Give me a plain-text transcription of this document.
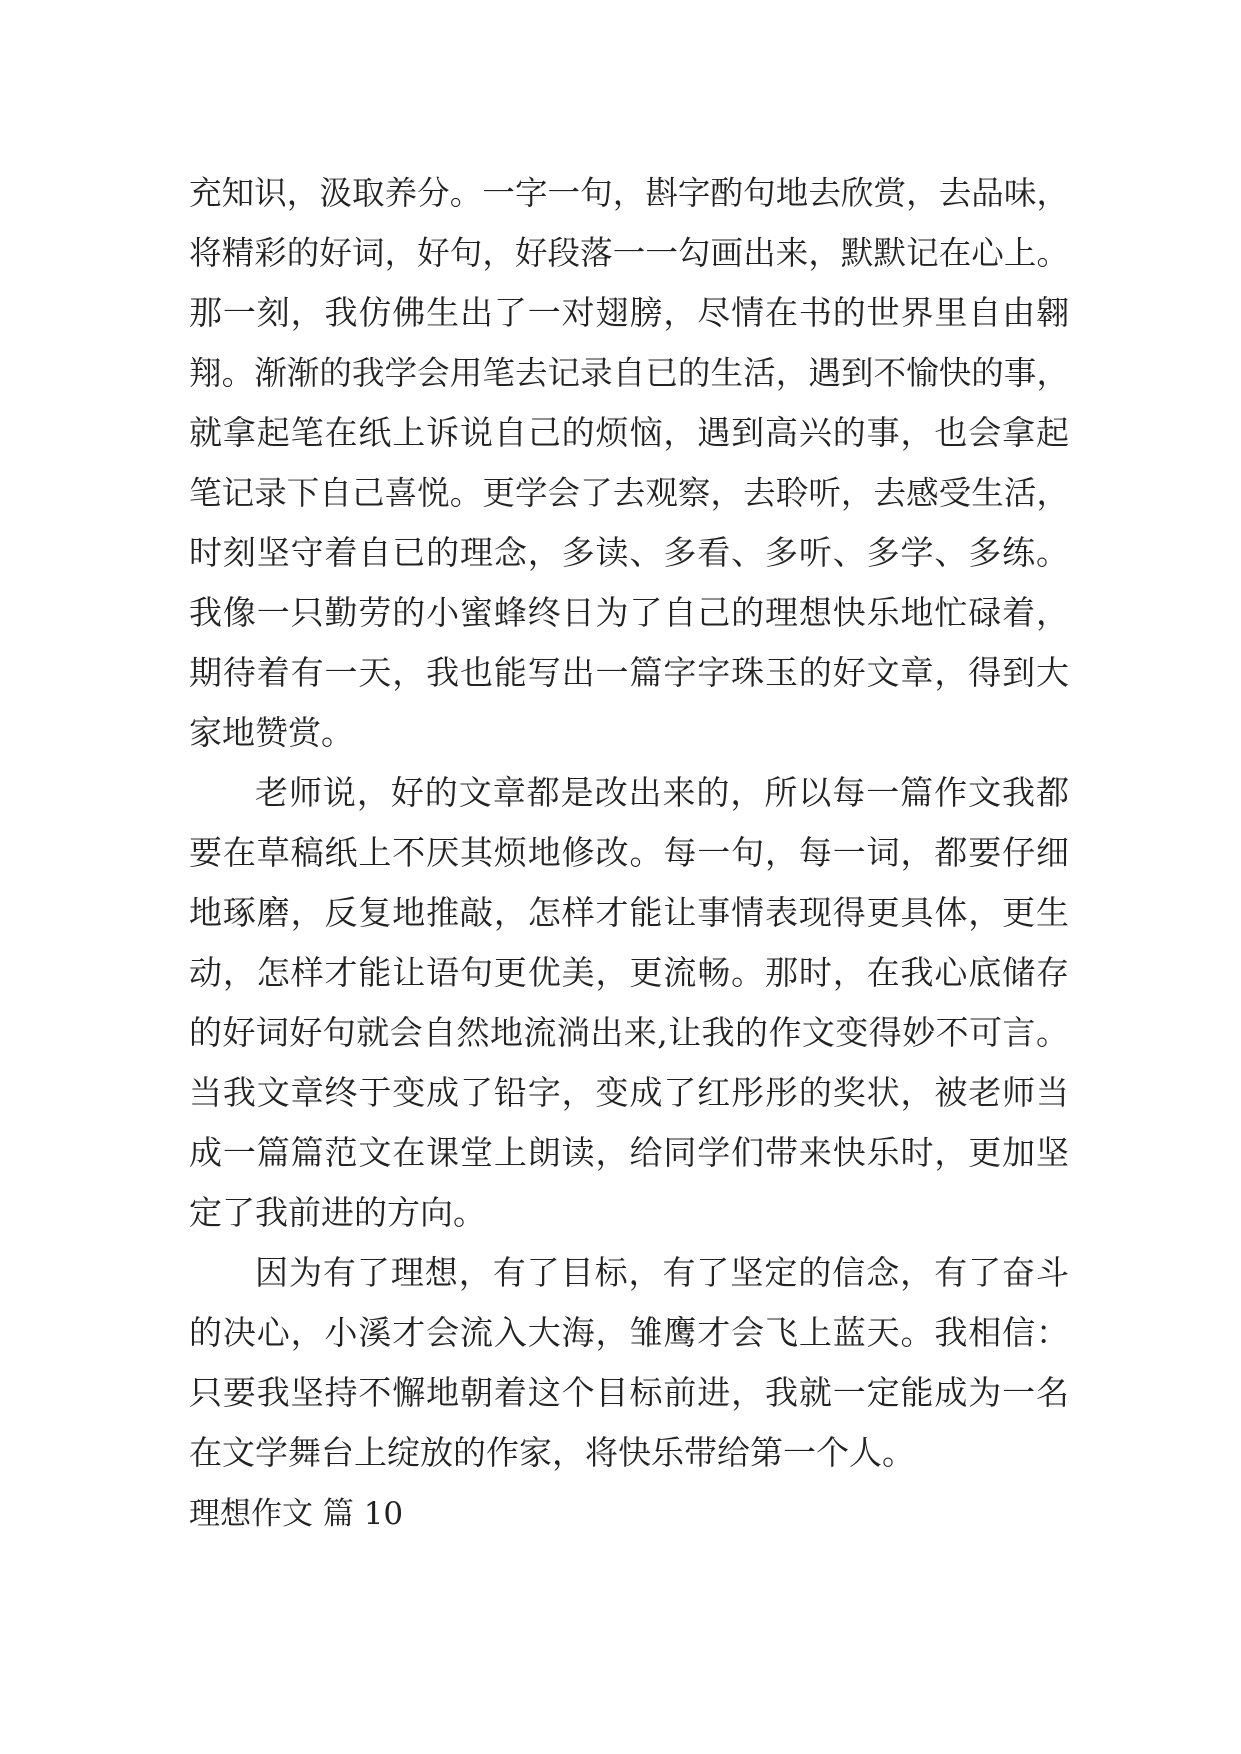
充知识，汲取养分。一字一句，斟字酌句地去欣赏，去品味，
将精彩的好词，好句，好段落一一勾画出来，默默记在心上。
那一刻，我仿佛生出了一对翅膀，尽情在书的世界里自由翱
翔。渐渐的我学会用笔去记录自已的生活，遇到不愉快的事，
就拿起笔在纸上诉说自己的烦恼，遇到高兴的事，也会拿起
笔记录下自己喜悦。更学会了去观察，去聆听，去感受生活，
时刻坚守着自已的理念，多读、多看、多听、多学、多练。
我像一只勤劳的小蜜蜂终日为了自己的理想快乐地忙碌着，
期待着有一天，我也能写出一篇字字珠玉的好文章，得到大
家地赞赏。
老师说，好的文章都是改出来的，所以每一篇作文我都
要在草稿纸上不厌其烦地修改。每一句，每一词，都要仔细
地琢磨，反复地推敲，怎样才能让事情表现得更具体，更生
动，怎样才能让语句更优美，更流畅。那时，在我心底储存
的好词好句就会自然地流淌出来,让我的作文变得妙不可言。
当我文章终于变成了铅字，变成了红彤彤的奖状，被老师当
成一篇篇范文在课堂上朗读，给同学们带来快乐时，更加坚
定了我前进的方向。
因为有了理想，有了目标，有了坚定的信念，有了奋斗
的决心，小溪才会流入大海，雏鹰才会飞上蓝天。我相信：
只要我坚持不懈地朝着这个目标前进，我就一定能成为一名
在文学舞台上绽放的作家，将快乐带给第一个人。
理想作文 篇 10
